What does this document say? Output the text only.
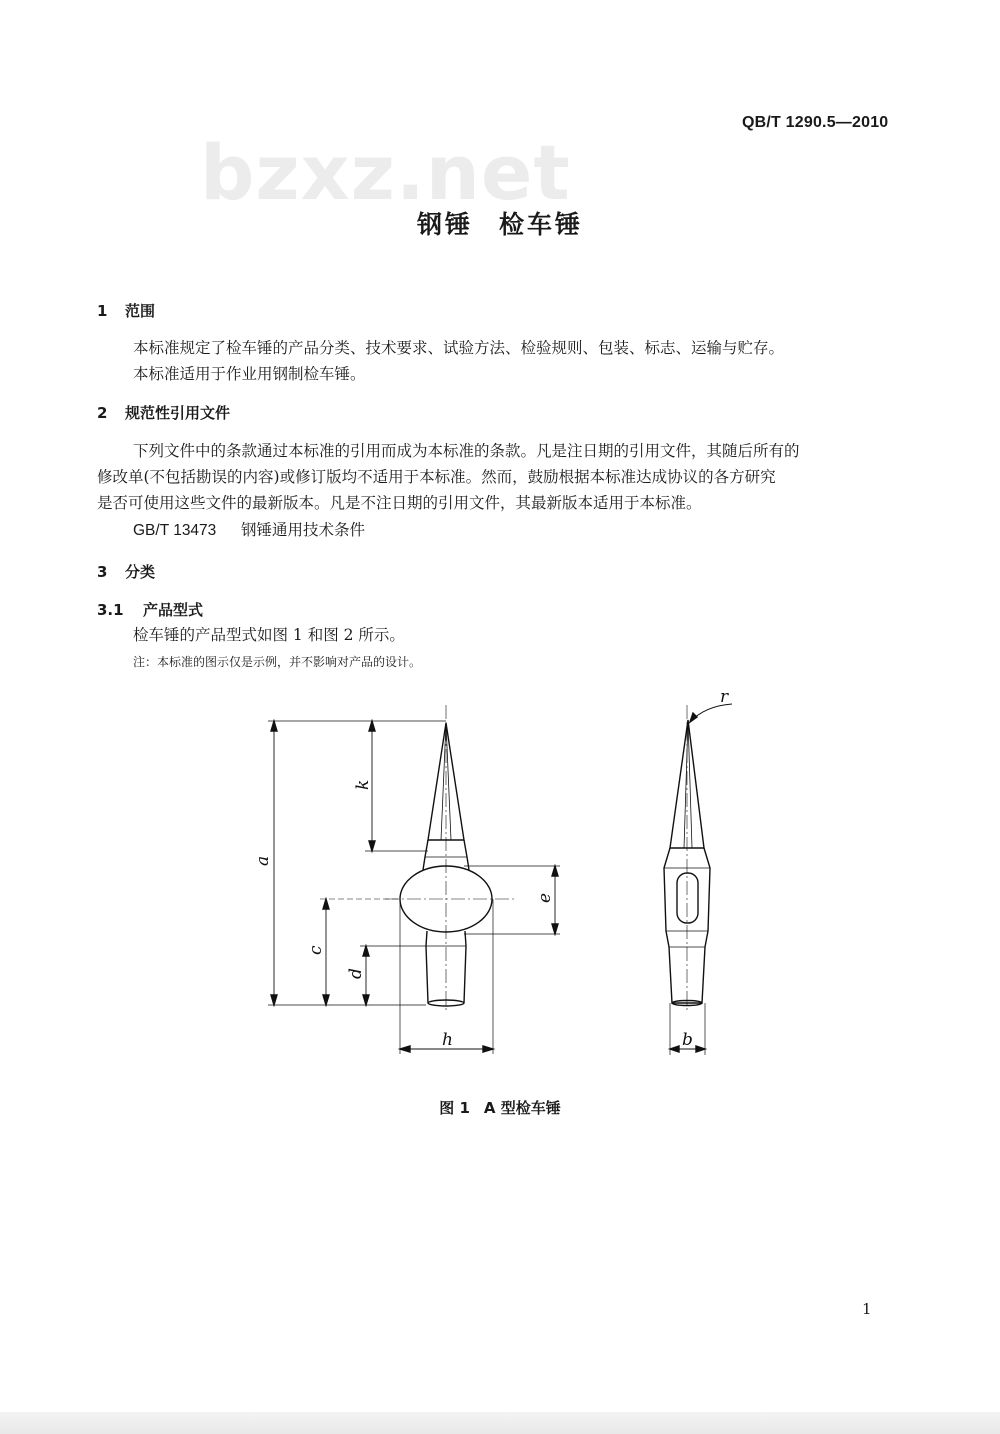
QB/T 1290.5—2010
bzxz.net
钢锤 检车锤
1 范围
本标准规定了检车锤的产品分类、技术要求、试验方法、检验规则、包装、标志、运输与贮存。
本标准适用于作业用钢制检车锤。
2 规范性引用文件
下列文件中的条款通过本标准的引用而成为本标准的条款。凡是注日期的引用文件，其随后所有的
修改单(不包括勘误的内容)或修订版均不适用于本标准。然而，鼓励根据本标准达成协议的各方研究
是否可使用这些文件的最新版本。凡是不注日期的引用文件，其最新版本适用于本标准。
GB/T 13473 钢锤通用技术条件
3 分类
3.1 产品型式
检车锤的产品型式如图 1 和图 2 所示。
注：本标准的图示仅是示例，并不影响对产品的设计。
a
k
c
d
e
h
r
b
图 1 A 型检车锤
1
